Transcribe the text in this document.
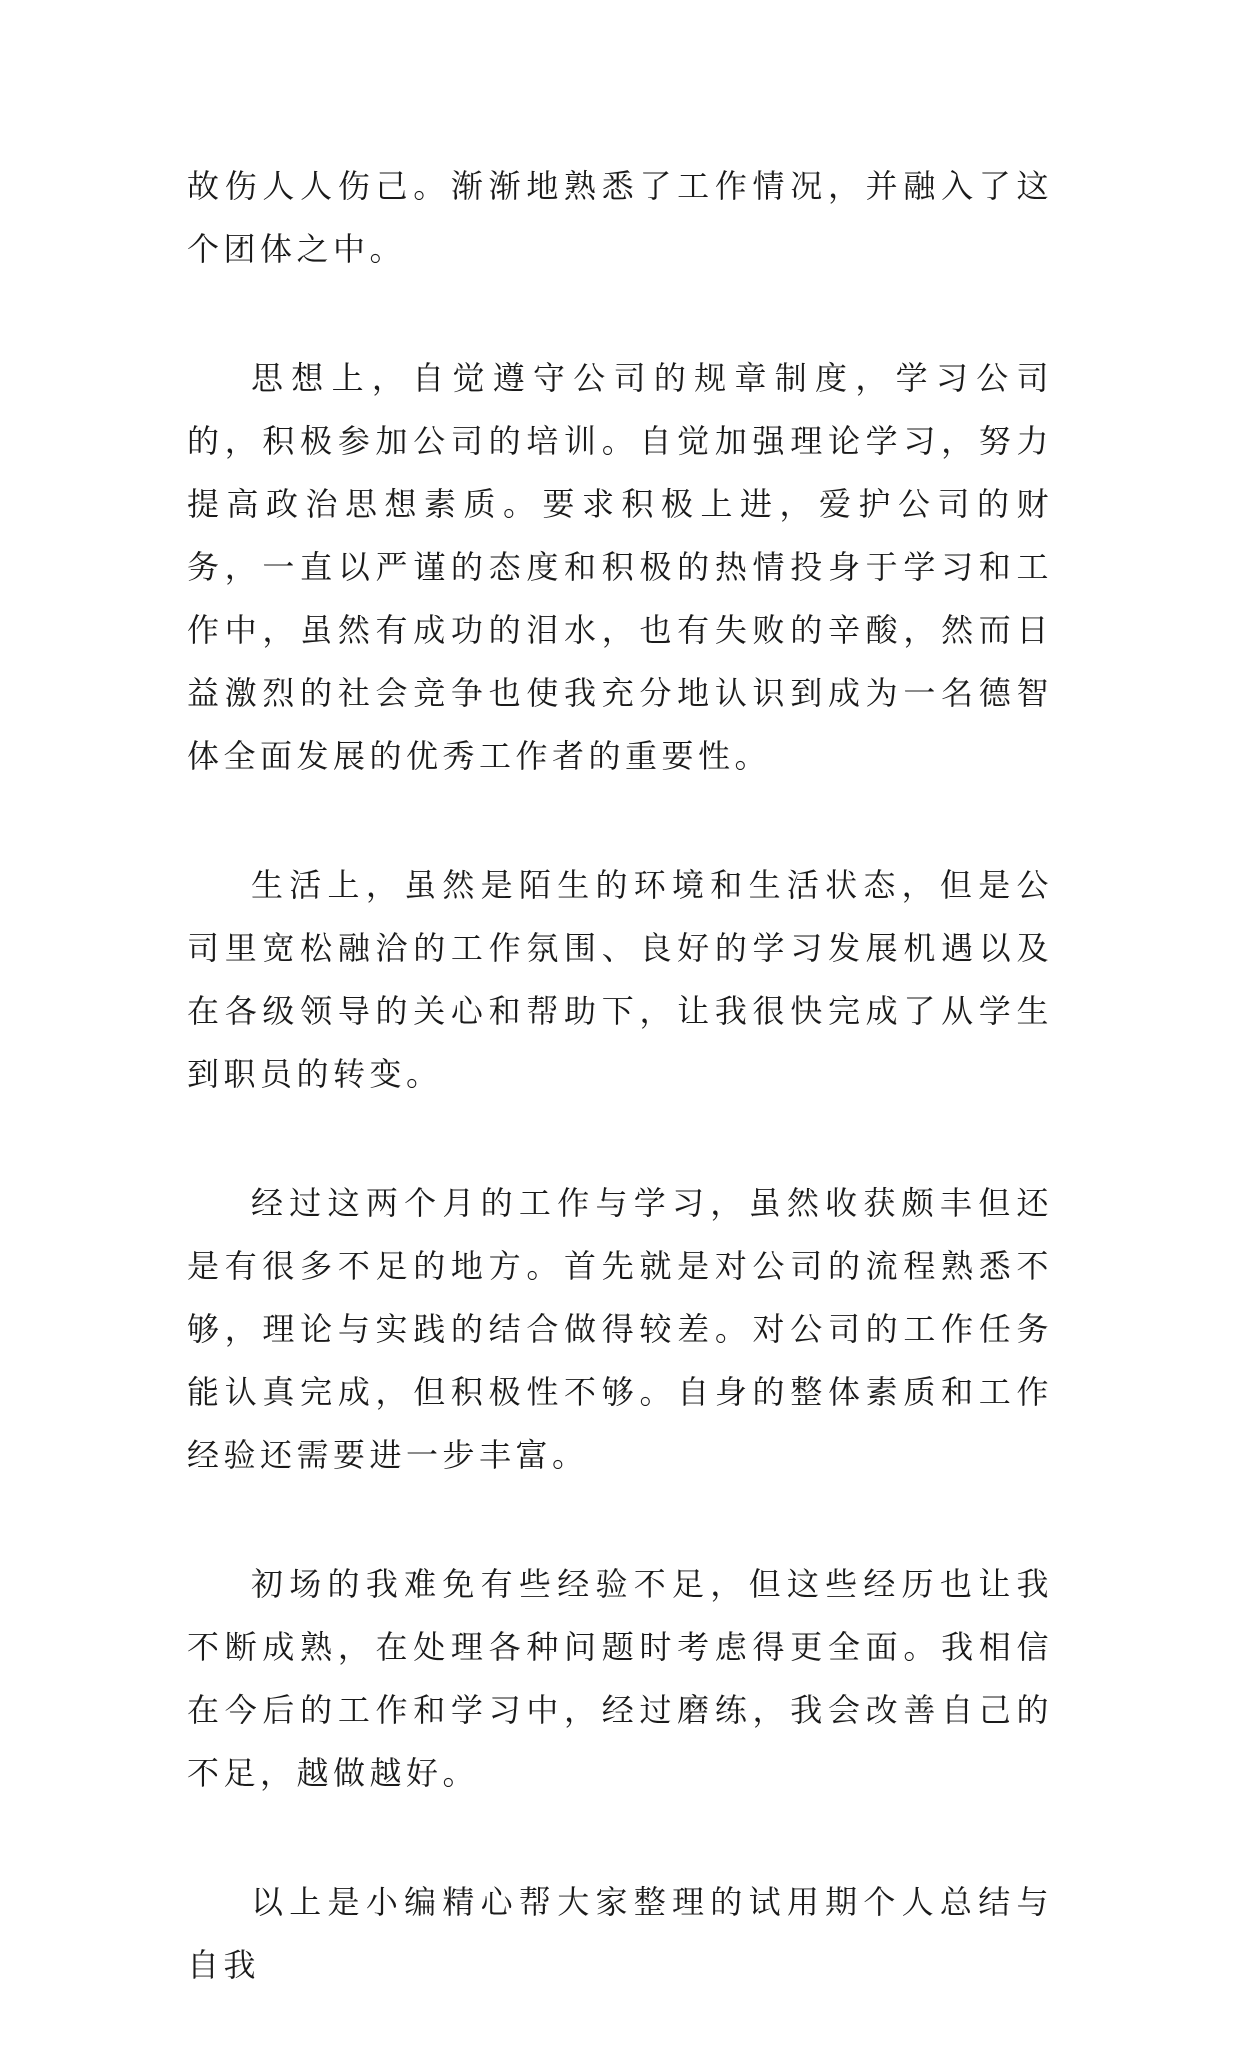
故伤人人伤己。渐渐地熟悉了工作情况，并融入了这个团体之中。

思想上，自觉遵守公司的规章制度，学习公司的，积极参加公司的培训。自觉加强理论学习，努力提高政治思想素质。要求积极上进，爱护公司的财务，一直以严谨的态度和积极的热情投身于学习和工作中，虽然有成功的泪水，也有失败的辛酸，然而日益激烈的社会竞争也使我充分地认识到成为一名德智体全面发展的优秀工作者的重要性。

生活上，虽然是陌生的环境和生活状态，但是公司里宽松融洽的工作氛围、良好的学习发展机遇以及在各级领导的关心和帮助下，让我很快完成了从学生到职员的转变。

经过这两个月的工作与学习，虽然收获颇丰但还是有很多不足的地方。首先就是对公司的流程熟悉不够，理论与实践的结合做得较差。对公司的工作任务能认真完成，但积极性不够。自身的整体素质和工作经验还需要进一步丰富。

初场的我难免有些经验不足，但这些经历也让我不断成熟，在处理各种问题时考虑得更全面。我相信在今后的工作和学习中，经过磨练，我会改善自己的不足，越做越好。

以上是小编精心帮大家整理的试用期个人总结与自我
